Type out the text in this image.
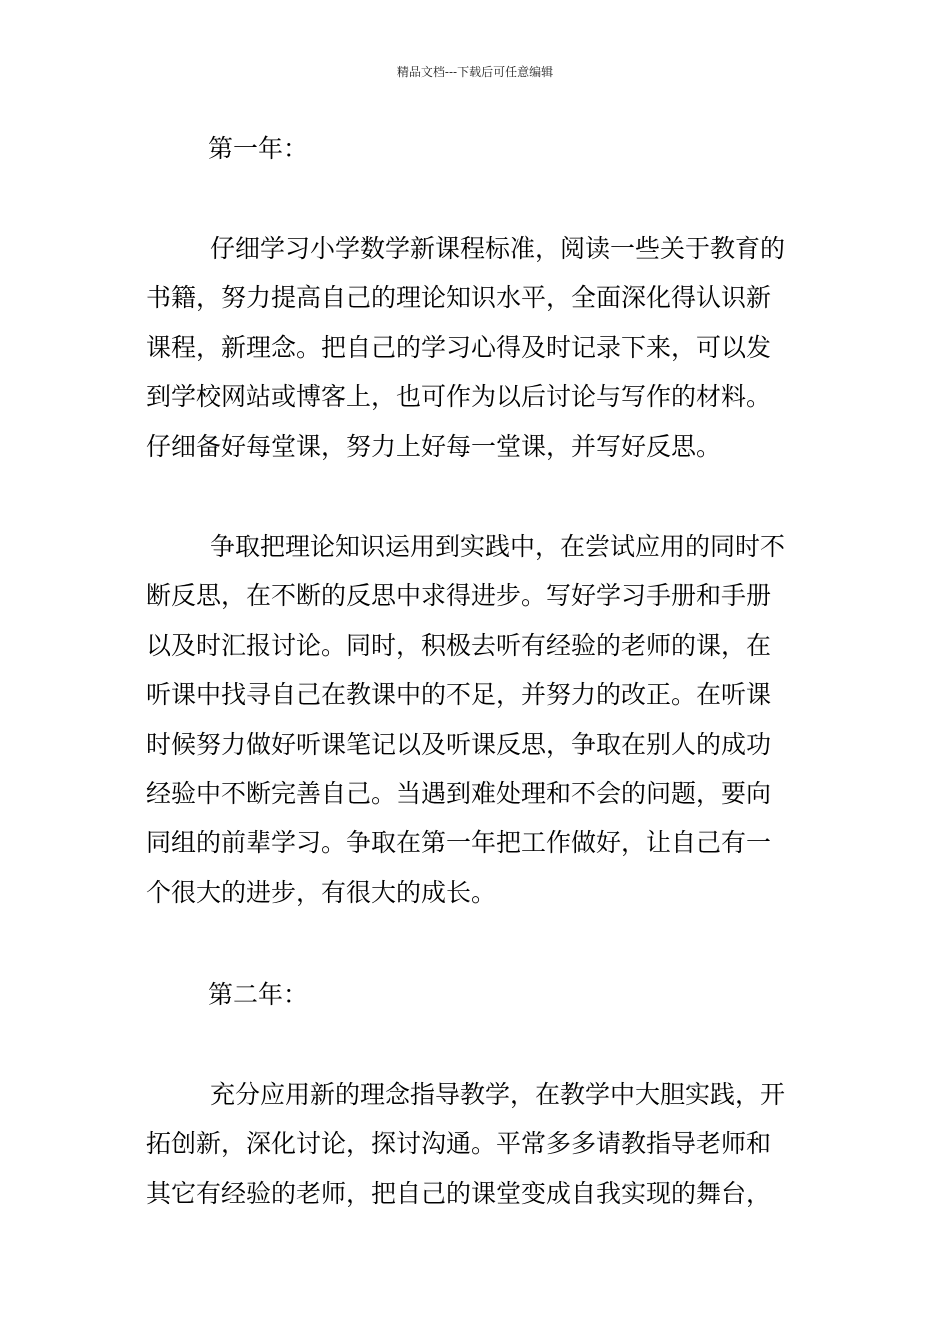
精品文档---下载后可任意编辑
第一年：
仔细学习小学数学新课程标准，阅读一些关于教育的
书籍，努力提高自己的理论知识水平，全面深化得认识新
课程，新理念。把自己的学习心得及时记录下来，可以发
到学校网站或博客上，也可作为以后讨论与写作的材料。
仔细备好每堂课，努力上好每一堂课，并写好反思。
争取把理论知识运用到实践中，在尝试应用的同时不
断反思，在不断的反思中求得进步。写好学习手册和手册
以及时汇报讨论。同时，积极去听有经验的老师的课，在
听课中找寻自己在教课中的不足，并努力的改正。在听课
时候努力做好听课笔记以及听课反思，争取在别人的成功
经验中不断完善自己。当遇到难处理和不会的问题，要向
同组的前辈学习。争取在第一年把工作做好，让自己有一
个很大的进步，有很大的成长。
第二年：
充分应用新的理念指导教学，在教学中大胆实践，开
拓创新，深化讨论，探讨沟通。平常多多请教指导老师和
其它有经验的老师，把自己的课堂变成自我实现的舞台，
